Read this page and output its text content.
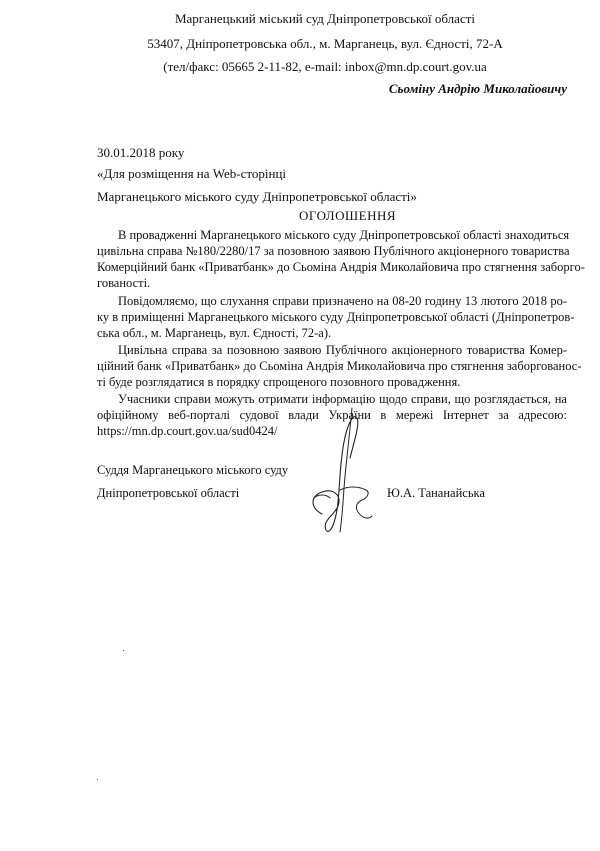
Марганецький міський суд Дніпропетровської області
53407, Дніпропетровська обл., м. Марганець, вул. Єдності, 72-А
(тел/факс: 05665 2-11-82, e-mail: inbox@mn.dp.court.gov.ua
Сьоміну Андрію Миколайовичу
30.01.2018 року
«Для розміщення на Web-сторінці
Марганецького міського суду Дніпропетровської області»
ОГОЛОШЕННЯ
В провадженні Марганецького міського суду Дніпропетровської області знаходиться
цивільна справа №180/2280/17 за позовною заявою Публічного акціонерного товариства
Комерційний банк «Приватбанк» до Сьоміна Андрія Миколайовича про стягнення заборго-
гованості.
Повідомляємо, що слухання справи призначено на 08-20 годину 13 лютого 2018 ро-
ку в приміщенні Марганецького міського суду Дніпропетровської області (Дніпропетров-
ська обл., м. Марганець, вул. Єдності, 72-а).
Цивільна справа за позовною заявою Публічного акціонерного товариства Комер-
ційний банк «Приватбанк» до Сьоміна Андрія Миколайовича про стягнення заборгованос-
ті буде розглядатися в порядку спрощеного позовного провадження.
Учасники справи можуть отримати інформацію щодо справи, що розглядається, на
офіційному веб-порталі судової влади України в мережі Інтернет за адресою:
https://mn.dp.court.gov.ua/sud0424/
Суддя Марганецького міського суду
Дніпропетровської області	Ю.А. Тананайська
